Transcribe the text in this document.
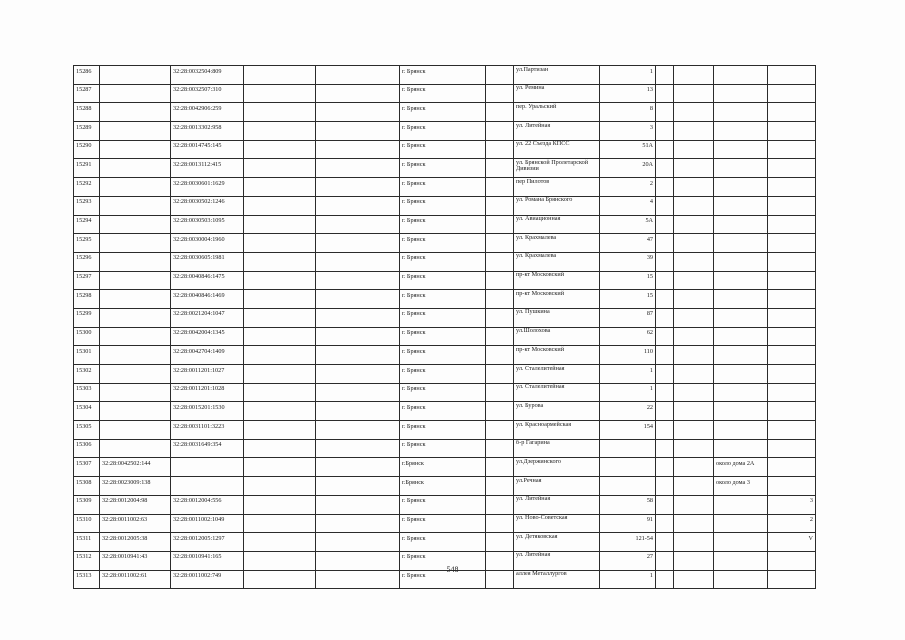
15286		32:28:0032504:809			г. Брянск		ул.Партизан	1				
15287		32:28:0032507:310			г. Брянск		ул. Ремина	13				
15288		32:28:0042906:259			г. Брянск		пер. Уральский	8				
15289		32:28:0013302:958			г. Брянск		ул. Литейная	3				
15290		32:28:0014745:145			г. Брянск		ул. 22 Съезда КПСС	51А				
15291		32:28:0013112:415			г. Брянск		ул. Брянской Пролетарской Дивизии	20А				
15292		32:28:0030601:1629			г. Брянск		пер Пилотов	2				
15293		32:28:0030502:1246			г. Брянск		ул. Романа Брянского	4				
15294		32:28:0030503:1095			г. Брянск		ул. Авиационная	5А				
15295		32:28:0030004:1960			г. Брянск		ул. Крахмалева	47				
15296		32:28:0030605:1981			г. Брянск		ул. Крахмалева	39				
15297		32:28:0040846:1475			г. Брянск		пр-кт Московский	15				
15298		32:28:0040846:1469			г. Брянск		пр-кт Московский	15				
15299		32:28:0021204:1047			г. Брянск		ул. Пушкина	87				
15300		32:28:0042004:1345			г. Брянск		ул.Шолохова	62				
15301		32:28:0042704:1409			г. Брянск		пр-кт Московский	110				
15302		32:28:0011201:1027			г. Брянск		ул. Сталелитейная	1				
15303		32:28:0011201:1028			г. Брянск		ул. Сталелитейная	1				
15304		32:28:0015201:1530			г. Брянск		ул. Бурова	22				
15305		32:28:0031101:3223			г. Брянск		ул. Красноармейская	154				
15306		32:28:0031649:354			г. Брянск		б-р Гагарина					
15307	32:28:0042502:144				г.Брянск		ул.Дзержинского				около дома 2А	
15308	32:28:0023009:138				г.Брянск		ул.Речная				около дома 3	
15309	32:28:0012004:98	32:28:0012004:556			г. Брянск		ул. Литейная	58				3
15310	32:28:0011002:63	32:28:0011002:1049			г. Брянск		ул. Ново-Советская	91				2
15311	32:28:0012005:38	32:28:0012005:1297			г. Брянск		ул. Детяковская	121-54				V
15312	32:28:0010941:43	32:28:0010941:165			г. Брянск		ул. Литейная	27				
15313	32:28:0011002:61	32:28:0011002:749			г. Брянск		аллея Металлургов	1				
548
